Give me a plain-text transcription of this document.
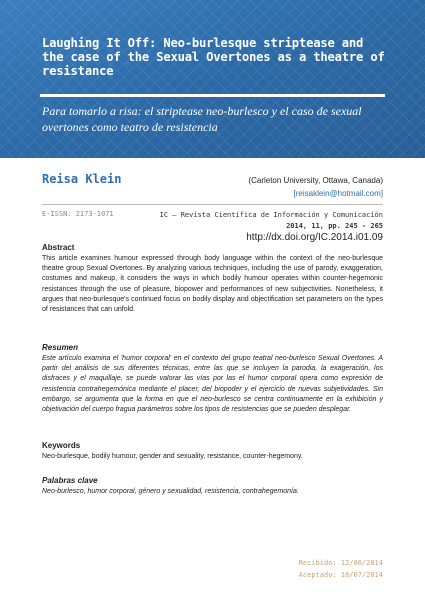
Laughing It Off: Neo-burlesque striptease and the case of the Sexual Overtones as a theatre of resistance

Para tomarlo a risa: el striptease neo-burlesco y el caso de sexual overtones como teatro de resistencia

Reisa Klein	(Carleton University, Ottawa, Canada)
[reisaklein@hotmail.com]
E-ISSN: 2173-1071	IC – Revista Científica de Información y Comunicación
2014, 11, pp. 245 - 265
http://dx.doi.org/IC.2014.i01.09
Abstract

This article examines humour expressed through body language within the context of the neo-burlesque theatre group Sexual Overtones. By analyzing various techniques, including the use of parody, exaggeration, costumes and makeup, it considers the ways in which bodily humour operates within counter-hegemonic resistances through the use of pleasure, biopower and performances of new subjectivities. Nonetheless, it argues that neo-burlesque's continued focus on bodily display and objectification set parameters on the types of resistances that can unfold.

Resumen

Este artículo examina el 'humor corporal' en el contexto del grupo teatral neo-burlesco Sexual Overtones. A partir del análisis de sus diferentes técnicas, entre las que se incluyen la parodia, la exageración, los disfraces y el maquillaje, se puede valorar las vías por las el humor corporal opera como expresión de resistencia contrahegemónica mediante el placer, del biopoder y el ejercicio de nuevas subjetividades. Sin embargo, se argumenta que la forma en que el neo-burlesco se centra continuamente en la exhibición y objetivación del cuerpo fragua parámetros sobre los tipos de resistencias que se pueden desplegar.

Keywords

Neo-burlesque, bodily humour, gender and sexuality, resistance, counter-hegemony.

Palabras clave

Neo-burlesco, humor corporal, género y sexualidad, resistencia, contrahegemonía.

Recibido: 12/06/2014
Aceptado: 18/07/2014
